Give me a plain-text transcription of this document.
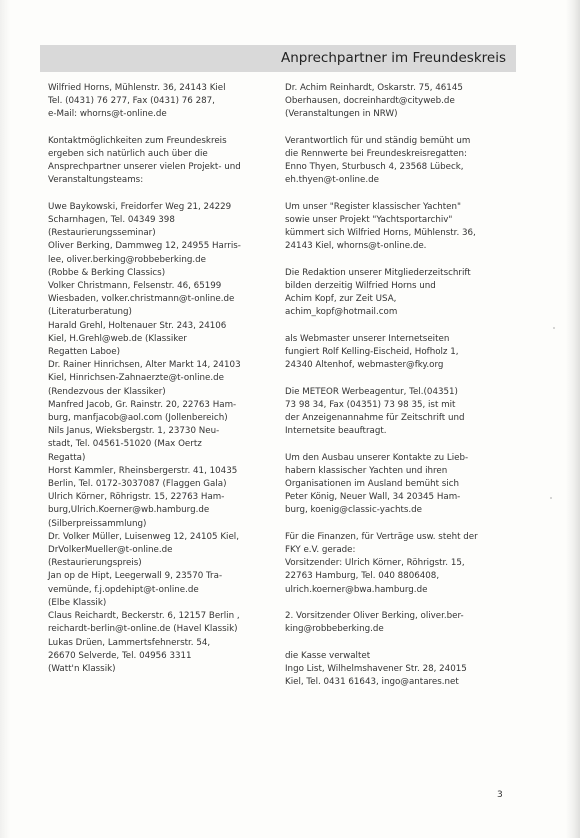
Anprechpartner im Freundeskreis
Wilfried Horns, Mühlenstr. 36, 24143 Kiel
Tel. (0431) 76 277, Fax (0431) 76 287,
e-Mail: whorns@t-online.de
Kontaktmöglichkeiten zum Freundeskreis
ergeben sich natürlich auch über die
Ansprechpartner unserer vielen Projekt- und
Veranstaltungsteams:
Uwe Baykowski, Freidorfer Weg 21, 24229
Scharnhagen, Tel. 04349 398
(Restaurierungsseminar)
Oliver Berking, Dammweg 12, 24955 Harris-
lee, oliver.berking@robbeberking.de
(Robbe & Berking Classics)
Volker Christmann, Felsenstr. 46, 65199
Wiesbaden, volker.christmann@t-online.de
(Literaturberatung)
Harald Grehl, Holtenauer Str. 243, 24106
Kiel, H.Grehl@web.de (Klassiker
Regatten Laboe)
Dr. Rainer Hinrichsen, Alter Markt 14, 24103
Kiel, Hinrichsen-Zahnaerzte@t-online.de
(Rendezvous der Klassiker)
Manfred Jacob, Gr. Rainstr. 20, 22763 Ham-
burg, manfjacob@aol.com (Jollenbereich)
Nils Janus, Wieksbergstr. 1, 23730 Neu-
stadt, Tel. 04561-51020 (Max Oertz
Regatta)
Horst Kammler, Rheinsbergerstr. 41, 10435
Berlin, Tel. 0172-3037087 (Flaggen Gala)
Ulrich Körner, Röhrigstr. 15, 22763 Ham-
burg,Ulrich.Koerner@wb.hamburg.de
(Silberpreissammlung)
Dr. Volker Müller, Luisenweg 12, 24105 Kiel,
DrVolkerMueller@t-online.de
(Restaurierungspreis)
Jan op de Hipt, Leegerwall 9, 23570 Tra-
vemünde, f.j.opdehipt@t-online.de
(Elbe Klassik)
Claus Reichardt, Beckerstr. 6, 12157 Berlin ,
reichardt-berlin@t-online.de (Havel Klassik)
Lukas Drüen, Lammertsfehnerstr. 54,
26670 Selverde, Tel. 04956 3311
(Watt'n Klassik)
Dr. Achim Reinhardt, Oskarstr. 75, 46145
Oberhausen, docreinhardt@cityweb.de
(Veranstaltungen in NRW)
Verantwortlich für und ständig bemüht um
die Rennwerte bei Freundeskreisregatten:
Enno Thyen, Sturbusch 4, 23568 Lübeck,
eh.thyen@t-online.de
Um unser "Register klassischer Yachten"
sowie unser Projekt "Yachtsportarchiv"
kümmert sich Wilfried Horns, Mühlenstr. 36,
24143 Kiel, whorns@t-online.de.
Die Redaktion unserer Mitgliederzeitschrift
bilden derzeitig Wilfried Horns und
Achim Kopf, zur Zeit USA,
achim_kopf@hotmail.com
als Webmaster unserer Internetseiten
fungiert Rolf Kelling-Eischeid, Hofholz 1,
24340 Altenhof, webmaster@fky.org
Die METEOR Werbeagentur, Tel.(04351)
73 98 34, Fax (04351) 73 98 35, ist mit
der Anzeigenannahme für Zeitschrift und
Internetsite beauftragt.
Um den Ausbau unserer Kontakte zu Lieb-
habern klassischer Yachten und ihren
Organisationen im Ausland bemüht sich
Peter König, Neuer Wall, 34 20345 Ham-
burg, koenig@classic-yachts.de
Für die Finanzen, für Verträge usw. steht der
FKY e.V. gerade:
Vorsitzender: Ulrich Körner, Röhrigstr. 15,
22763 Hamburg, Tel. 040 8806408,
ulrich.koerner@bwa.hamburg.de
2. Vorsitzender Oliver Berking, oliver.ber-
king@robbeberking.de
die Kasse verwaltet
Ingo List, Wilhelmshavener Str. 28, 24015
Kiel, Tel. 0431 61643, ingo@antares.net
3
